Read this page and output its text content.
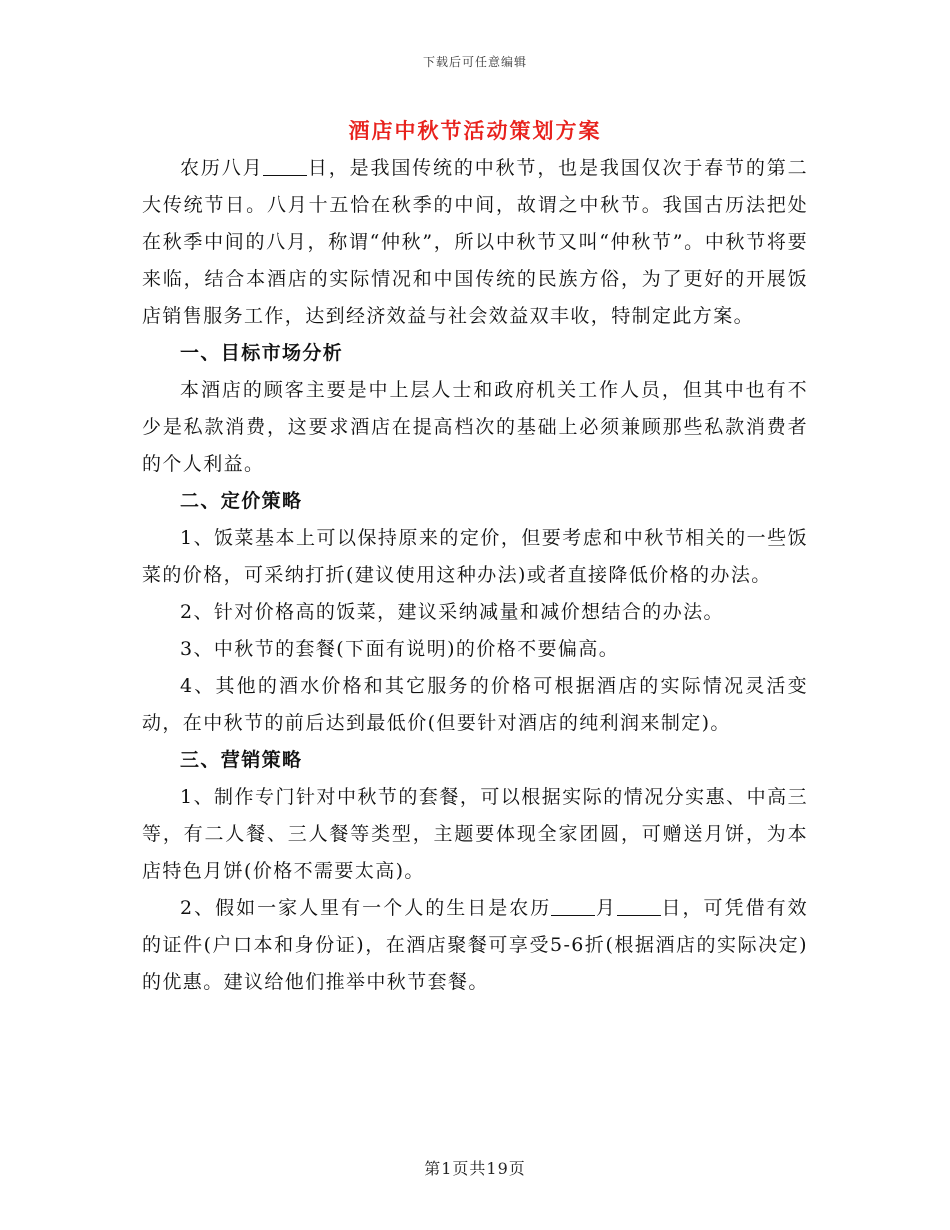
下载后可任意编辑
酒店中秋节活动策划方案

农历八月 日，是我国传统的中秋节，也是我国仅次于春节的第二大传统节日。八月十五恰在秋季的中间，故谓之中秋节。我国古历法把处在秋季中间的八月，称谓“仲秋”，所以中秋节又叫“仲秋节”。中秋节将要来临，结合本酒店的实际情况和中国传统的民族方俗，为了更好的开展饭店销售服务工作，达到经济效益与社会效益双丰收，特制定此方案。

一、目标市场分析

本酒店的顾客主要是中上层人士和政府机关工作人员，但其中也有不少是私款消费，这要求酒店在提高档次的基础上必须兼顾那些私款消费者的个人利益。

二、定价策略

1、饭菜基本上可以保持原来的定价，但要考虑和中秋节相关的一些饭菜的价格，可采纳打折(建议使用这种办法)或者直接降低价格的办法。

2、针对价格高的饭菜，建议采纳减量和减价想结合的办法。

3、中秋节的套餐(下面有说明)的价格不要偏高。

4、其他的酒水价格和其它服务的价格可根据酒店的实际情况灵活变动，在中秋节的前后达到最低价(但要针对酒店的纯利润来制定)。

三、营销策略

1、制作专门针对中秋节的套餐，可以根据实际的情况分实惠、中高三等，有二人餐、三人餐等类型，主题要体现全家团圆，可赠送月饼，为本店特色月饼(价格不需要太高)。

2、假如一家人里有一个人的生日是农历 月 日，可凭借有效的证件(户口本和身份证)，在酒店聚餐可享受5-6折(根据酒店的实际决定)的优惠。建议给他们推举中秋节套餐。

第1页共19页
